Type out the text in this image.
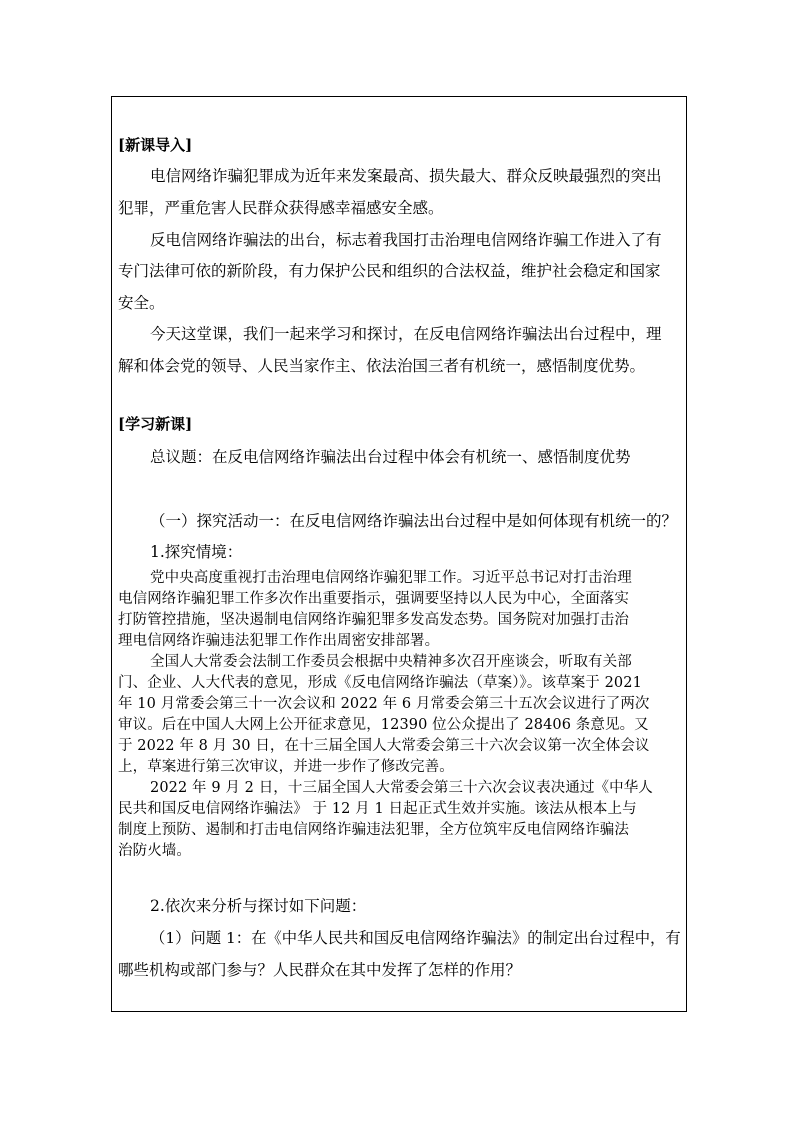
[新课导入]
电信网络诈骗犯罪成为近年来发案最高、损失最大、群众反映最强烈的突出
犯罪，严重危害人民群众获得感幸福感安全感。
反电信网络诈骗法的出台，标志着我国打击治理电信网络诈骗工作进入了有
专门法律可依的新阶段，有力保护公民和组织的合法权益，维护社会稳定和国家
安全。
今天这堂课，我们一起来学习和探讨，在反电信网络诈骗法出台过程中，理
解和体会党的领导、人民当家作主、依法治国三者有机统一，感悟制度优势。
[学习新课]
总议题：在反电信网络诈骗法出台过程中体会有机统一、感悟制度优势
（一）探究活动一：在反电信网络诈骗法出台过程中是如何体现有机统一的？
1.探究情境：
党中央高度重视打击治理电信网络诈骗犯罪工作。习近平总书记对打击治理
电信网络诈骗犯罪工作多次作出重要指示，强调要坚持以人民为中心，全面落实
打防管控措施，坚决遏制电信网络诈骗犯罪多发高发态势。国务院对加强打击治
理电信网络诈骗违法犯罪工作作出周密安排部署。
全国人大常委会法制工作委员会根据中央精神多次召开座谈会，听取有关部
门、企业、人大代表的意见，形成《反电信网络诈骗法（草案）》。该草案于 2021
年 10 月常委会第三十一次会议和 2022 年 6 月常委会第三十五次会议进行了两次
审议。后在中国人大网上公开征求意见，12390 位公众提出了 28406 条意见。又
于 2022 年 8 月 30 日，在十三届全国人大常委会第三十六次会议第一次全体会议
上，草案进行第三次审议，并进一步作了修改完善。
2022 年 9 月 2 日，十三届全国人大常委会第三十六次会议表决通过《中华人
民共和国反电信网络诈骗法》 于 12 月 1 日起正式生效并实施。该法从根本上与
制度上预防、遏制和打击电信网络诈骗违法犯罪，全方位筑牢反电信网络诈骗法
治防火墙。
2.依次来分析与探讨如下问题：
（1）问题 1：在《中华人民共和国反电信网络诈骗法》的制定出台过程中，有
哪些机构或部门参与？人民群众在其中发挥了怎样的作用？
